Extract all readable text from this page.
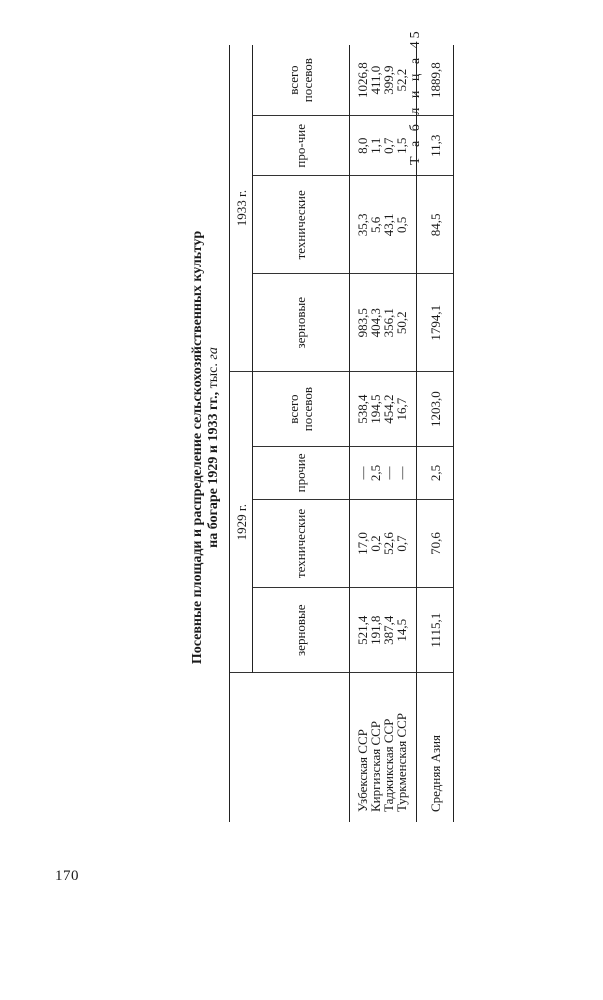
170
Т а б л и ц а 45
Посевные площади и распределение сельскохозяйственных культур на богаре 1929 и 1933 гг., тыс. га
	1929 г.				1933 г.			
	зерновые	технические	прочие	всего посевов	зерновые	технические	про-чие	всего посевов
Узбекская ССР	521,4	17,0	—	538,4	983,5	35,3	8,0	1026,8
Киргизская ССР	191,8	0,2	2,5	194,5	404,3	5,6	1,1	411,0
Таджикская ССР	387,4	52,6	—	454,2	356,1	43,1	0,7	399,9
Туркменская ССР	14,5	0,7	—	16,7	50,2	0,5	1,5	52,2
Средняя Азия	1115,1	70,6	2,5	1203,0	1794,1	84,5	11,3	1889,8
